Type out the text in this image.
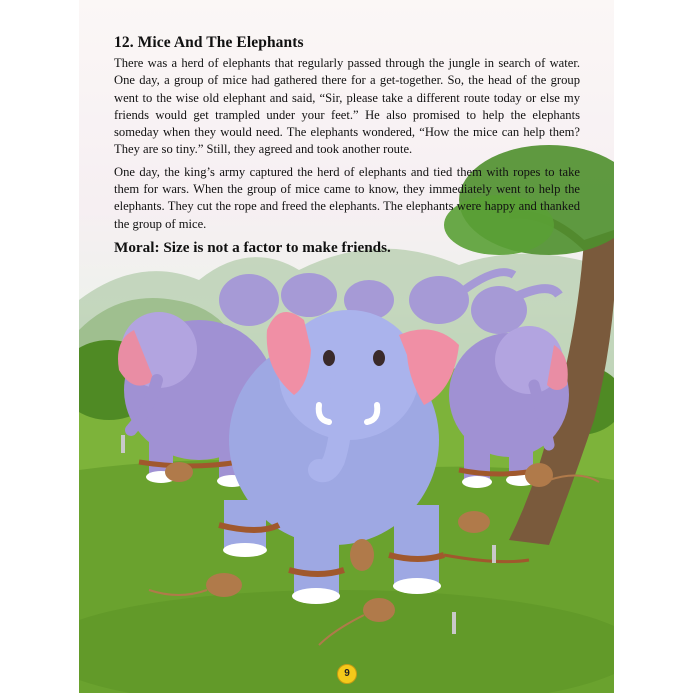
12. Mice And The Elephants

There was a herd of elephants that regularly passed through the jungle in search of water. One day, a group of mice had gathered there for a get-together. So, the head of the group went to the wise old elephant and said, “Sir, please take a different route today or else my friends would get trampled under your feet.” He also promised to help the elephants someday when they would need. The elephants wondered, “How the mice can help them? They are so tiny.” Still, they agreed and took another route.

One day, the king’s army captured the herd of elephants and tied them with ropes to take them for wars. When the group of mice came to know, they immediately went to help the elephants. They cut the rope and freed the elephants. The elephants were happy and thanked the group of mice.

Moral: Size is not a factor to make friends.
9
